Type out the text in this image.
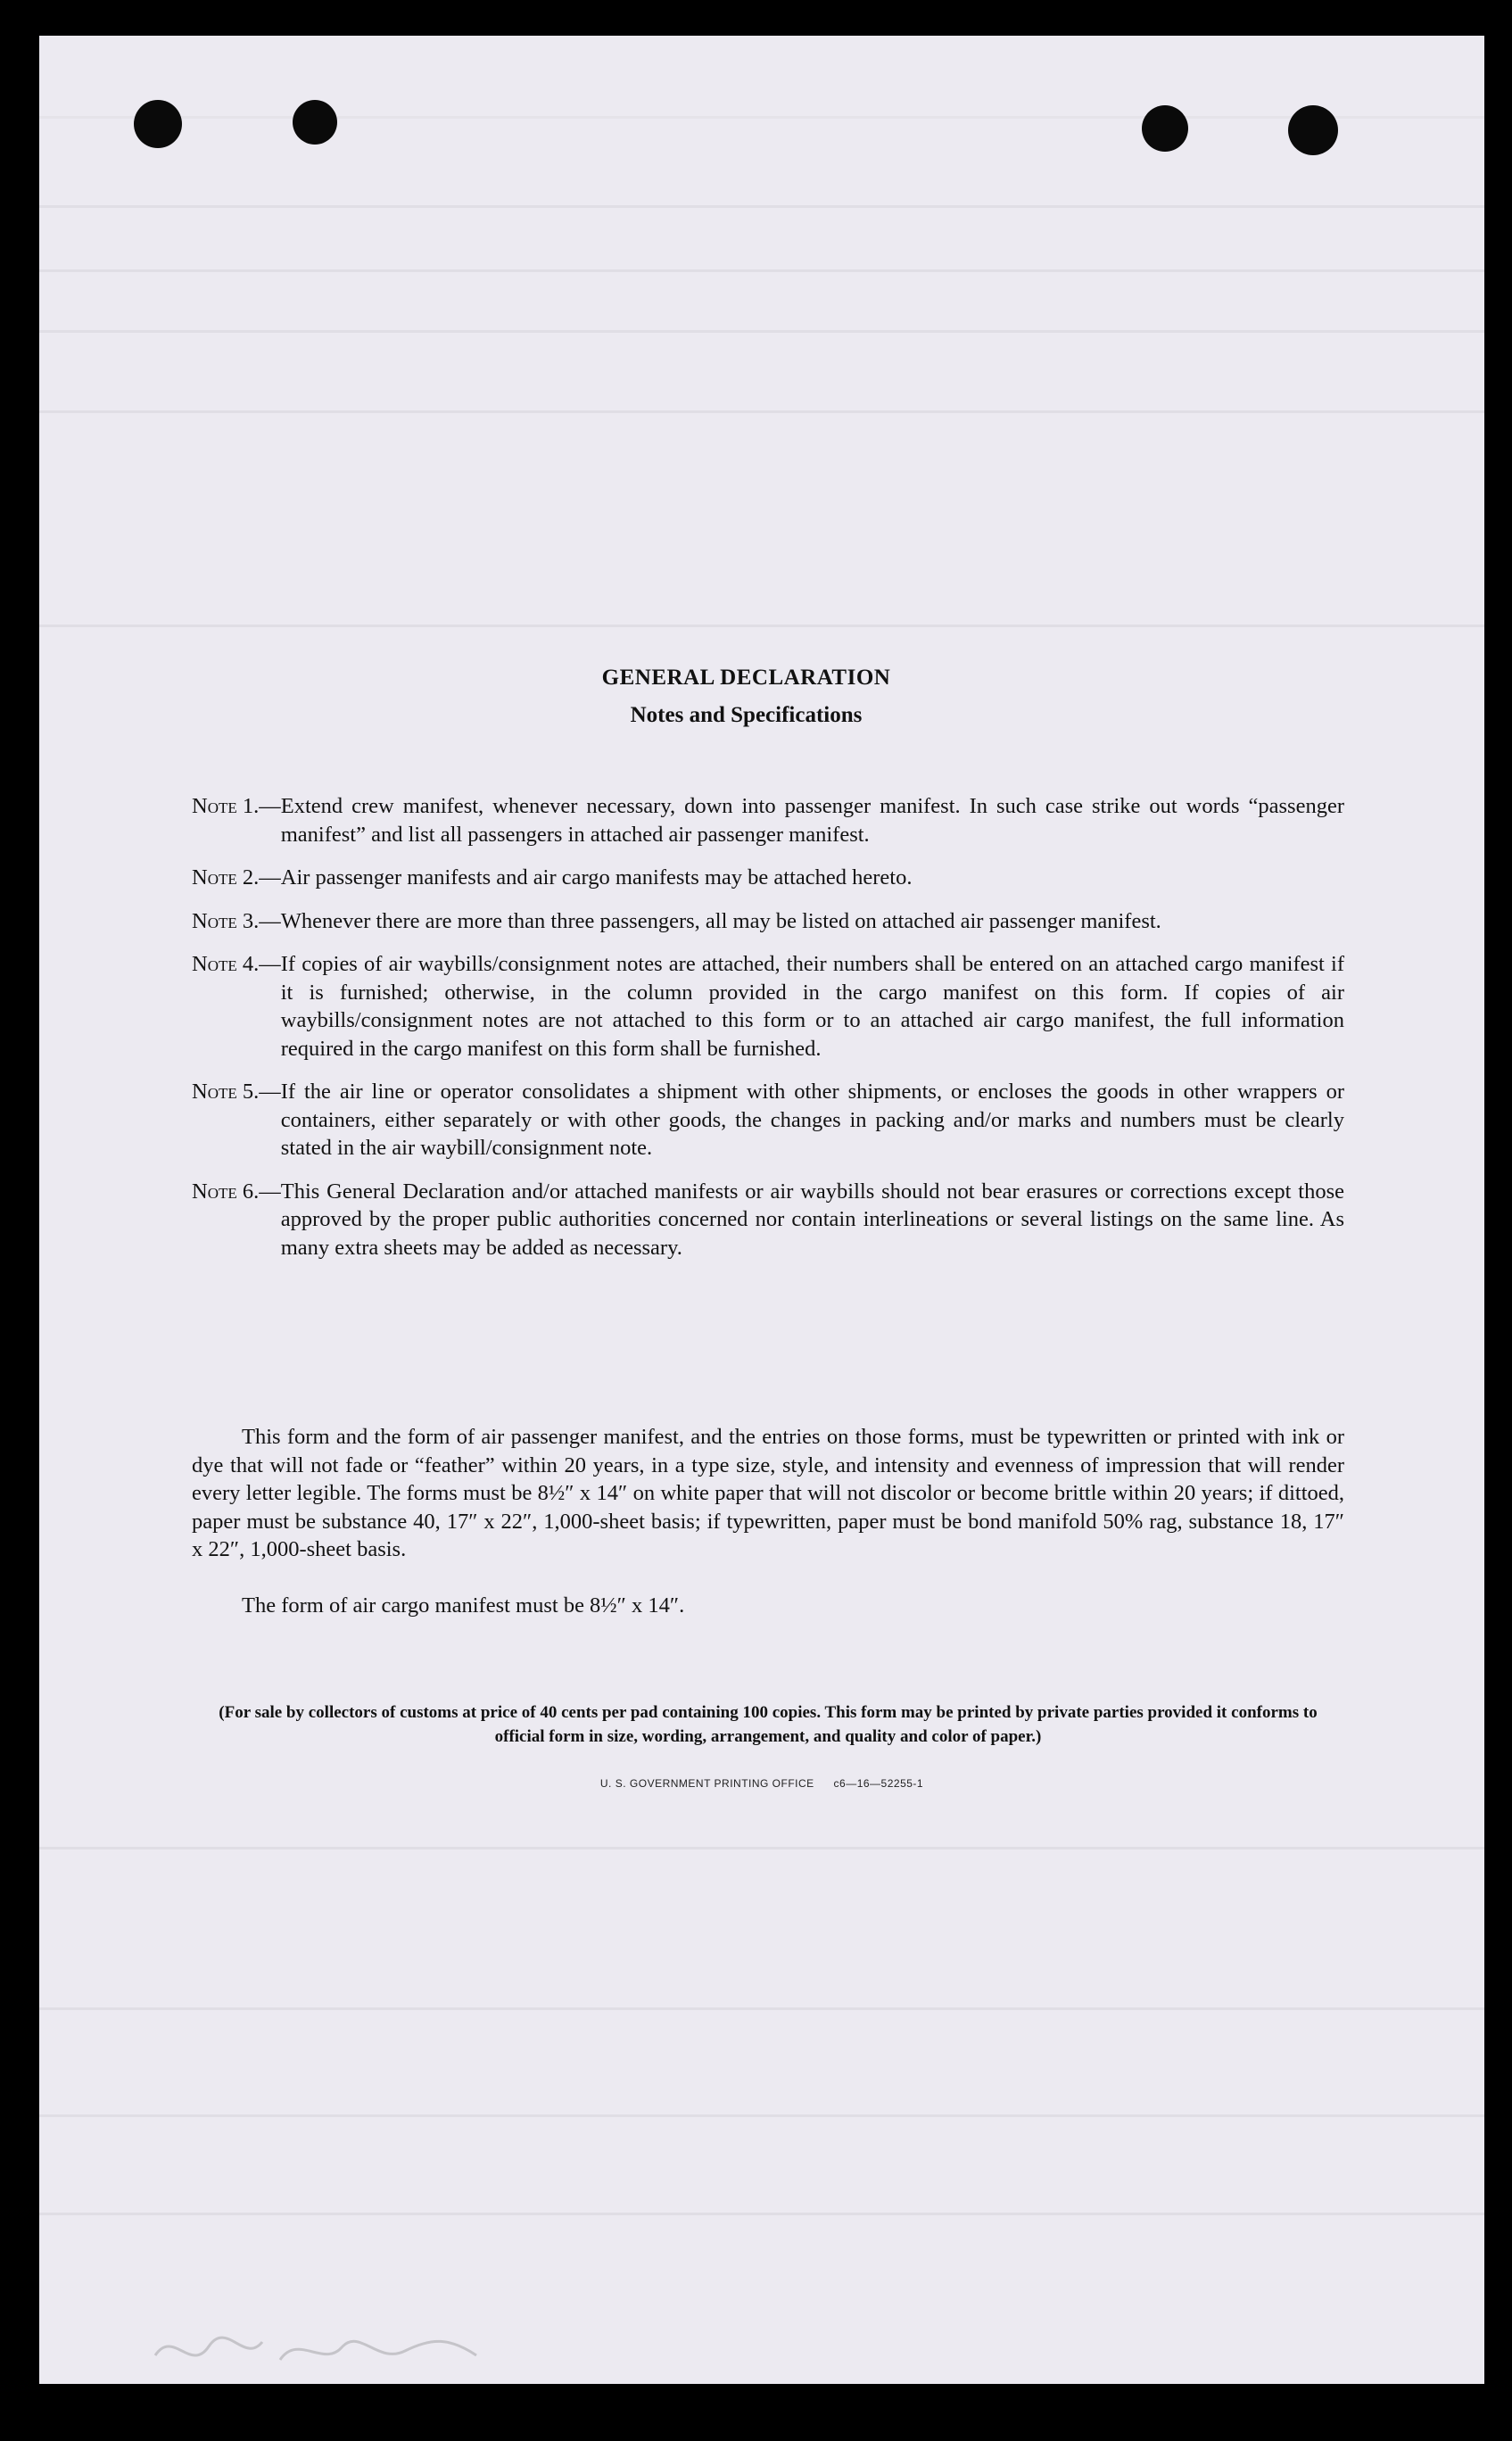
GENERAL DECLARATION
Notes and Specifications
Note 1.— Extend crew manifest, whenever necessary, down into passenger manifest. In such case strike out words “passenger manifest” and list all passengers in attached air passenger manifest.
Note 2.— Air passenger manifests and air cargo manifests may be attached hereto.
Note 3.— Whenever there are more than three passengers, all may be listed on attached air passenger manifest.
Note 4.— If copies of air waybills/consignment notes are attached, their numbers shall be entered on an attached cargo manifest if it is furnished; otherwise, in the column provided in the cargo manifest on this form. If copies of air waybills/consignment notes are not attached to this form or to an attached air cargo manifest, the full information required in the cargo manifest on this form shall be furnished.
Note 5.— If the air line or operator consolidates a shipment with other shipments, or encloses the goods in other wrappers or containers, either separately or with other goods, the changes in packing and/or marks and numbers must be clearly stated in the air waybill/consignment note.
Note 6.— This General Declaration and/or attached manifests or air waybills should not bear erasures or corrections except those approved by the proper public authorities concerned nor contain interlineations or several listings on the same line. As many extra sheets may be added as necessary.
This form and the form of air passenger manifest, and the entries on those forms, must be typewritten or printed with ink or dye that will not fade or “feather” within 20 years, in a type size, style, and intensity and evenness of impression that will render every letter legible. The forms must be 8½″ x 14″ on white paper that will not discolor or become brittle within 20 years; if dittoed, paper must be substance 40, 17″ x 22″, 1,000-sheet basis; if typewritten, paper must be bond manifold 50% rag, substance 18, 17″ x 22″, 1,000-sheet basis.
The form of air cargo manifest must be 8½″ x 14″.
(For sale by collectors of customs at price of 40 cents per pad containing 100 copies. This form may be printed by private parties provided it conforms to official form in size, wording, arrangement, and quality and color of paper.)
U. S. GOVERNMENT PRINTING OFFICE c6—16—52255-1
